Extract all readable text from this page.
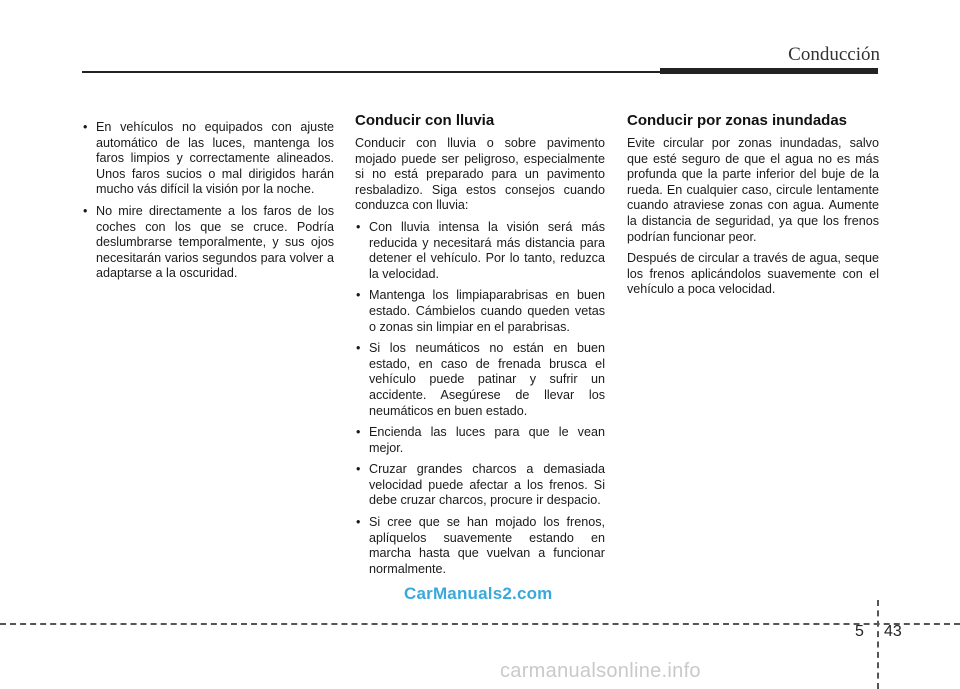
Conducción
• En vehículos no equipados con ajuste automático de las luces, mantenga los faros limpios y correctamente alineados. Unos faros sucios o mal dirigidos harán mucho vás difícil la visión por la noche.
• No mire directamente a los faros de los coches con los que se cruce. Podría deslumbrarse temporalmente, y sus ojos necesitarán varios segundos para volver a adaptarse a la oscuridad.
Conducir con lluvia

Conducir con lluvia o sobre pavimento mojado puede ser peligroso, especialmente si no está preparado para un pavimento resbaladizo. Siga estos consejos cuando conduzca con lluvia:

• Con lluvia intensa la visión será más reducida y necesitará más distancia para detener el vehículo. Por lo tanto, reduzca la velocidad.
• Mantenga los limpiaparabrisas en buen estado. Cámbielos cuando queden vetas o zonas sin limpiar en el parabrisas.
• Si los neumáticos no están en buen estado, en caso de frenada brusca el vehículo puede patinar y sufrir un accidente. Asegúrese de llevar los neumáticos en buen estado.
• Encienda las luces para que le vean mejor.
• Cruzar grandes charcos a demasiada velocidad puede afectar a los frenos. Si debe cruzar charcos, procure ir despacio.
• Si cree que se han mojado los frenos, aplíquelos suavemente estando en marcha hasta que vuelvan a funcionar normalmente.
Conducir por zonas inundadas

Evite circular por zonas inundadas, salvo que esté seguro de que el agua no es más profunda que la parte inferior del buje de la rueda. En cualquier caso, circule lentamente cuando atraviese zonas con agua. Aumente la distancia de seguridad, ya que los frenos podrían funcionar peor.

Después de circular a través de agua, seque los frenos aplicándolos suavemente con el vehículo a poca velocidad.

CarManuals2.com
5 43
carmanualsonline.info
